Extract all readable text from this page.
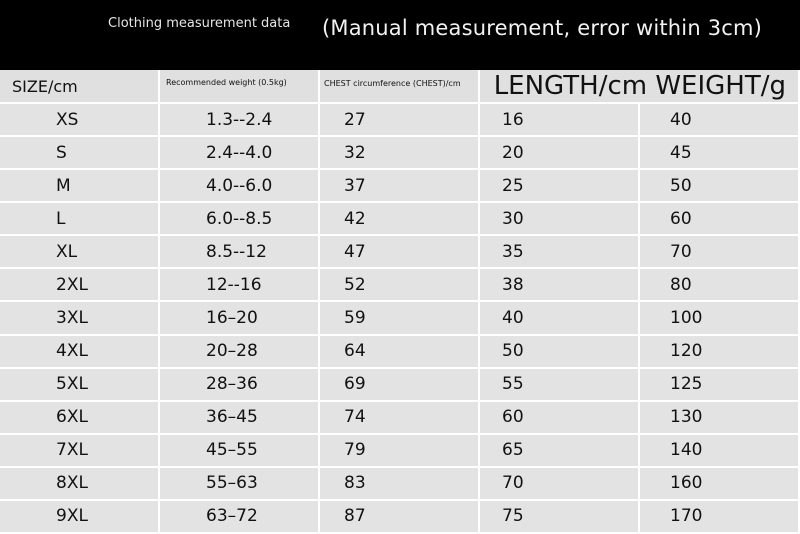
Clothing measurement data (Manual measurement, error within 3cm)
SIZE/cm	Recommended weight (0.5kg)	CHEST circumference (CHEST)/cm	LENGTH/cm WEIGHT/g
XS	1.3--2.4	27	16	40
S	2.4--4.0	32	20	45
M	4.0--6.0	37	25	50
L	6.0--8.5	42	30	60
XL	8.5--12	47	35	70
2XL	12--16	52	38	80
3XL	16–20	59	40	100
4XL	20–28	64	50	120
5XL	28–36	69	55	125
6XL	36–45	74	60	130
7XL	45–55	79	65	140
8XL	55–63	83	70	160
9XL	63–72	87	75	170
